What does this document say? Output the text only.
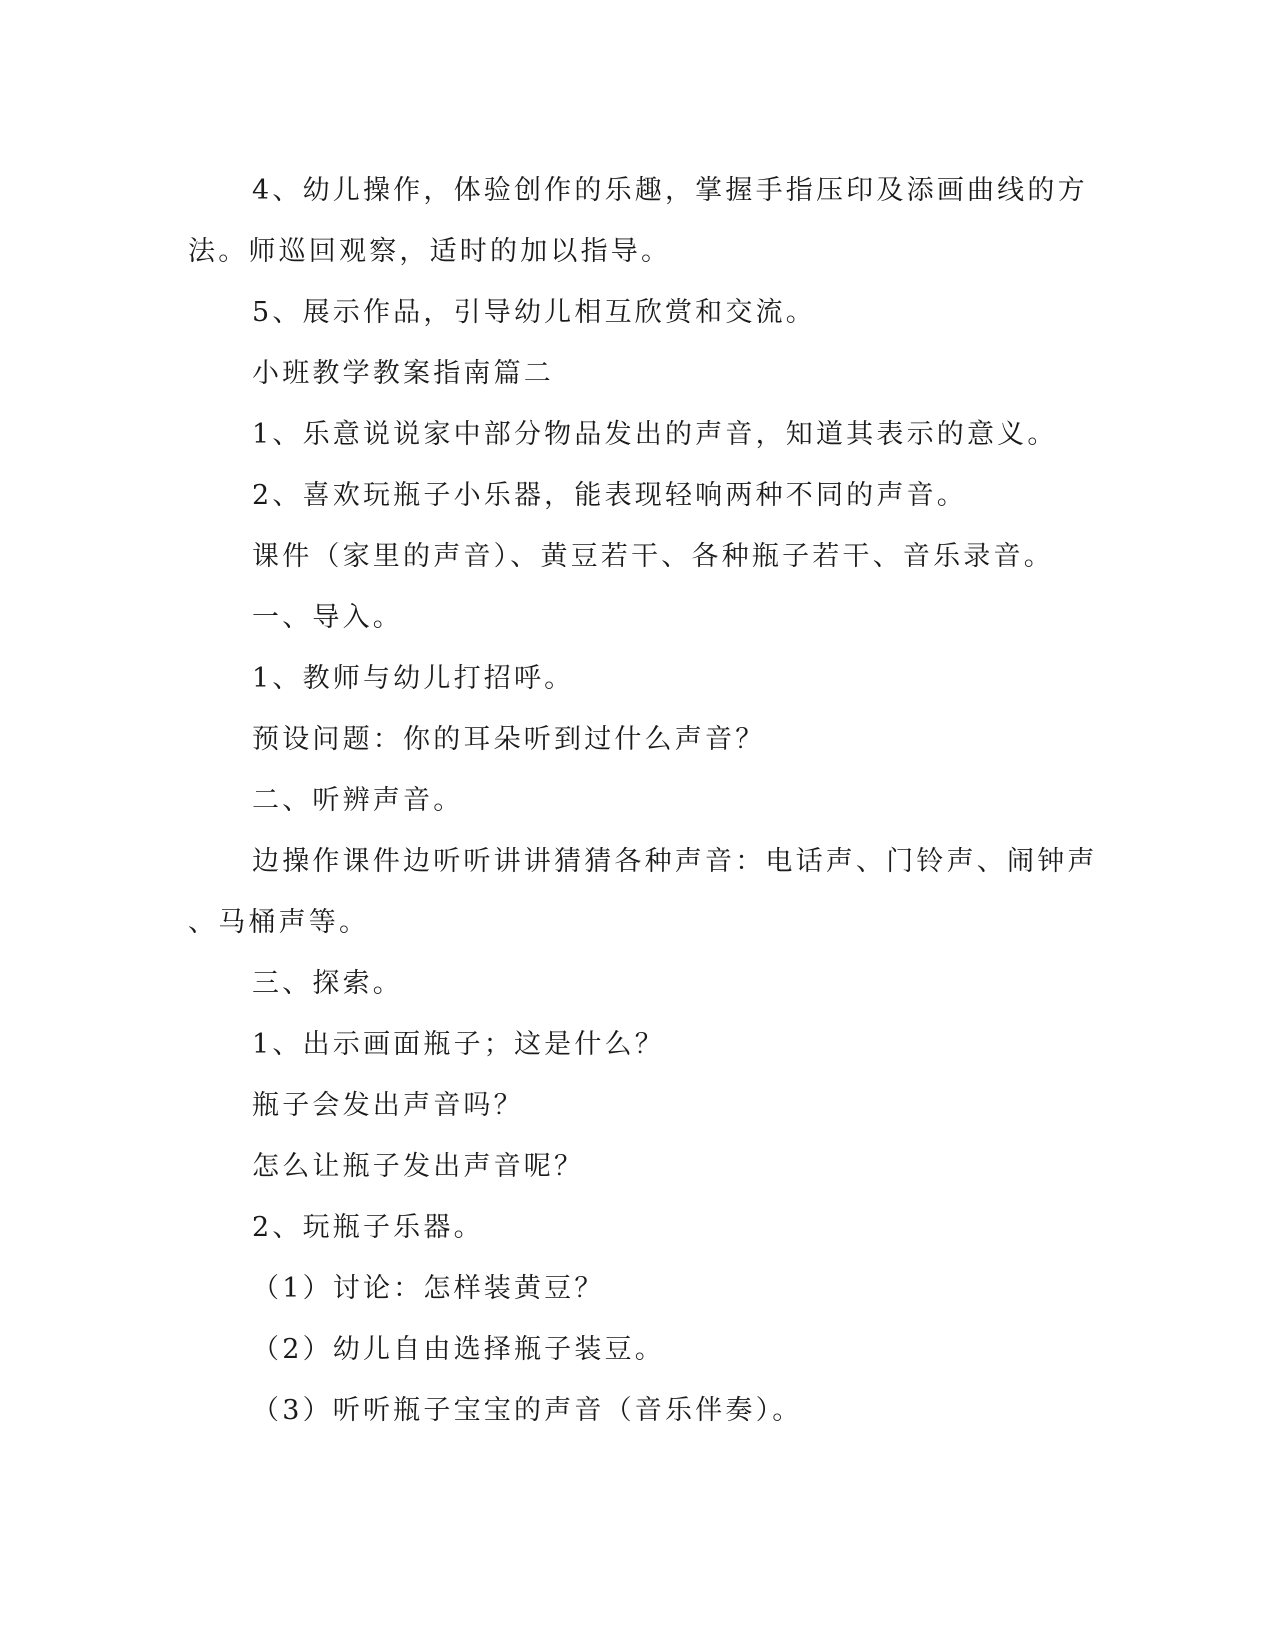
4、幼儿操作，体验创作的乐趣，掌握手指压印及添画曲线的方
法。师巡回观察，适时的加以指导。

5、展示作品，引导幼儿相互欣赏和交流。

小班教学教案指南篇二

1、乐意说说家中部分物品发出的声音，知道其表示的意义。

2、喜欢玩瓶子小乐器，能表现轻响两种不同的声音。

课件（家里的声音）、黄豆若干、各种瓶子若干、音乐录音。

一、导入。

1、教师与幼儿打招呼。

预设问题：你的耳朵听到过什么声音？

二、听辨声音。

边操作课件边听听讲讲猜猜各种声音：电话声、门铃声、闹钟声
、马桶声等。

三、探索。

1、出示画面瓶子；这是什么？

瓶子会发出声音吗？

怎么让瓶子发出声音呢？

2、玩瓶子乐器。

（1）讨论：怎样装黄豆？

（2）幼儿自由选择瓶子装豆。

（3）听听瓶子宝宝的声音（音乐伴奏）。
